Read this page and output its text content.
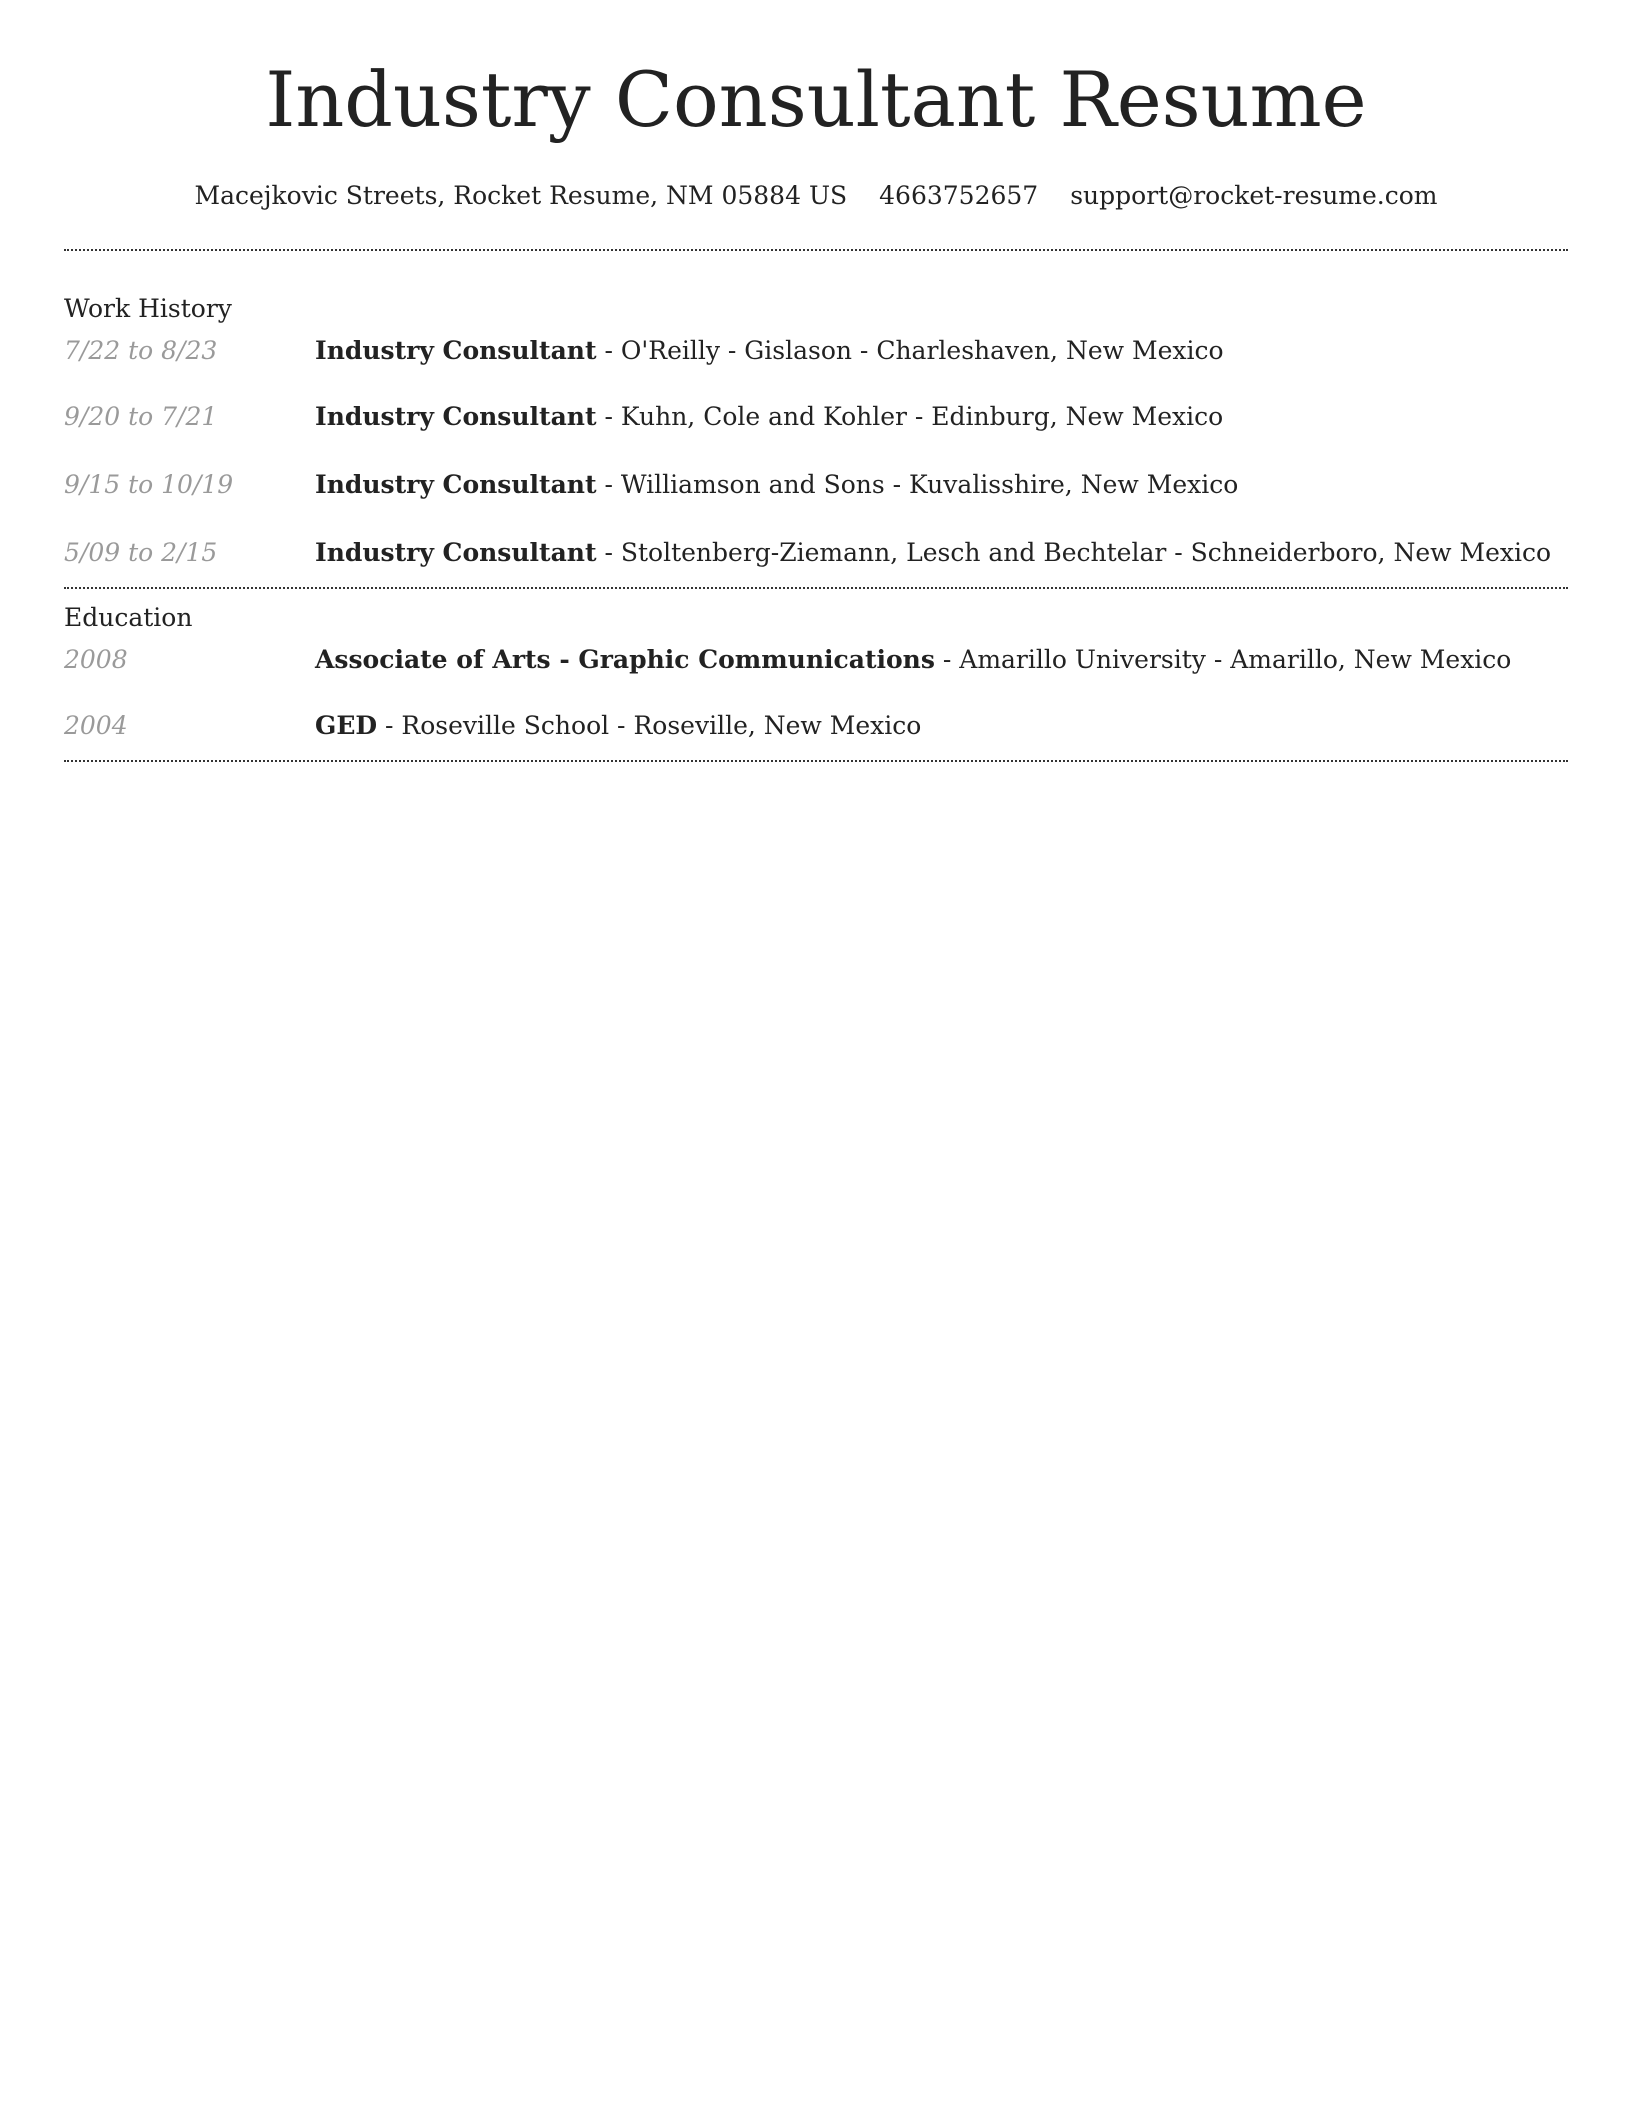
Industry Consultant Resume
Macejkovic Streets, Rocket Resume, NM 05884 US 4663752657 support@rocket-resume.com
Work History
7/22 to 8/23	Industry Consultant - O'Reilly - Gislason - Charleshaven, New Mexico
9/20 to 7/21	Industry Consultant - Kuhn, Cole and Kohler - Edinburg, New Mexico
9/15 to 10/19	Industry Consultant - Williamson and Sons - Kuvalisshire, New Mexico
5/09 to 2/15	Industry Consultant - Stoltenberg-Ziemann, Lesch and Bechtelar - Schneiderboro, New Mexico
Education
2008	Associate of Arts - Graphic Communications - Amarillo University - Amarillo, New Mexico
2004	GED - Roseville School - Roseville, New Mexico
